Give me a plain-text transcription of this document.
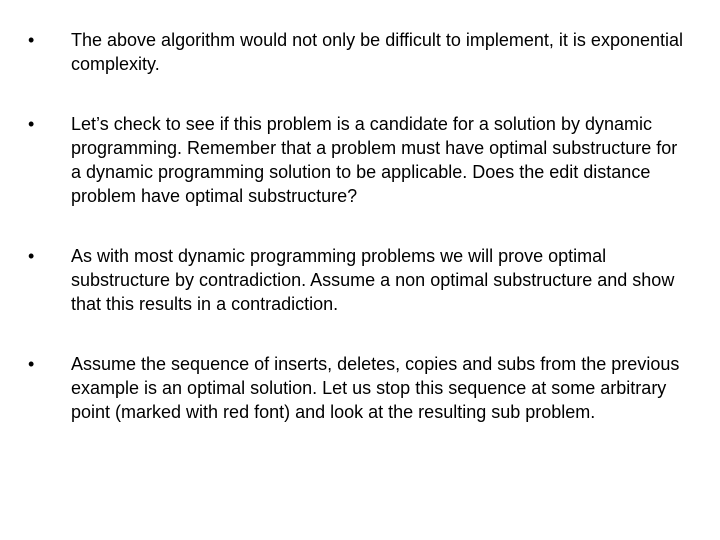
•	The above algorithm would not only be difficult to implement, it is exponential complexity.
•	Let’s check to see if this problem is a candidate for a solution by dynamic programming. Remember that a problem must have optimal substructure for a dynamic programming solution to be applicable. Does the edit distance problem have optimal substructure?
•	As with most dynamic programming problems we will prove optimal substructure by contradiction. Assume a non optimal substructure and show that this results in a contradiction.
•	Assume the sequence of inserts, deletes, copies and subs from the previous example is an optimal solution. Let us stop this sequence at some arbitrary point (marked with red font) and look at the resulting sub problem.
